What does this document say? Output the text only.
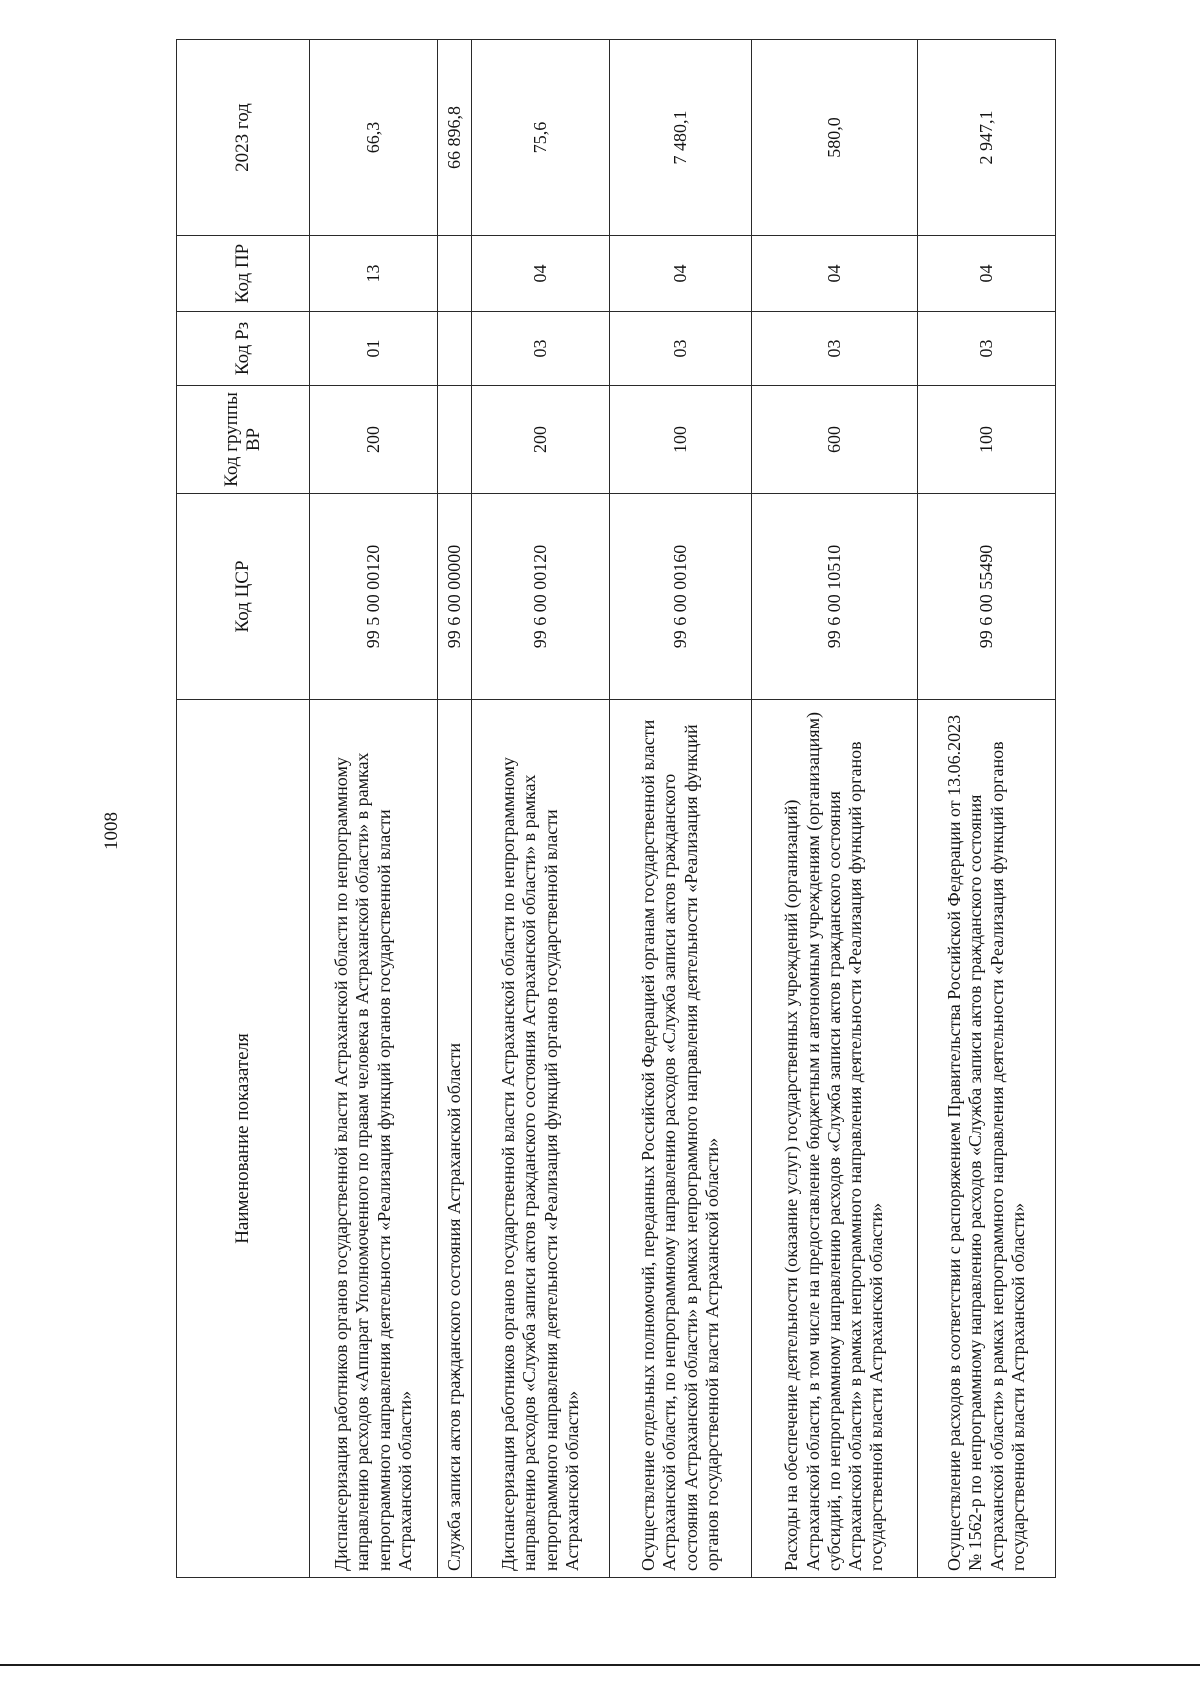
1008
Наименование показателя	Код ЦСР	Код группы ВР	Код Рз	Код ПР	2023 год
Диспансеризация работников органов государственной власти Астраханской области по непрограммному направлению расходов «Аппарат Уполномоченного по правам человека в Астраханской области» в рамках непрограммного направления деятельности «Реализация функций органов государственной власти Астраханской области»	99 5 00 00120	200	01	13	66,3
Служба записи актов гражданского состояния Астраханской области	99 6 00 00000				66 896,8
Диспансеризация работников органов государственной власти Астраханской области по непрограммному направлению расходов «Служба записи актов гражданского состояния Астраханской области» в рамках непрограммного направления деятельности «Реализация функций органов государственной власти Астраханской области»	99 6 00 00120	200	03	04	75,6
Осуществление отдельных полномочий, переданных Российской Федерацией органам государственной власти Астраханской области, по непрограммному направлению расходов «Служба записи актов гражданского состояния Астраханской области» в рамках непрограммного направления деятельности «Реализация функций органов государственной власти Астраханской области»	99 6 00 00160	100	03	04	7 480,1
Расходы на обеспечение деятельности (оказание услуг) государственных учреждений (организаций) Астраханской области, в том числе на предоставление бюджетным и автономным учреждениям (организациям) субсидий, по непрограммному направлению расходов «Служба записи актов гражданского состояния Астраханской области» в рамках непрограммного направления деятельности «Реализация функций органов государственной власти Астраханской области»	99 6 00 10510	600	03	04	580,0
Осуществление расходов в соответствии с распоряжением Правительства Российской Федерации от 13.06.2023 № 1562-р по непрограммному направлению расходов «Служба записи актов гражданского состояния Астраханской области» в рамках непрограммного направления деятельности «Реализация функций органов государственной власти Астраханской области»	99 6 00 55490	100	03	04	2 947,1
